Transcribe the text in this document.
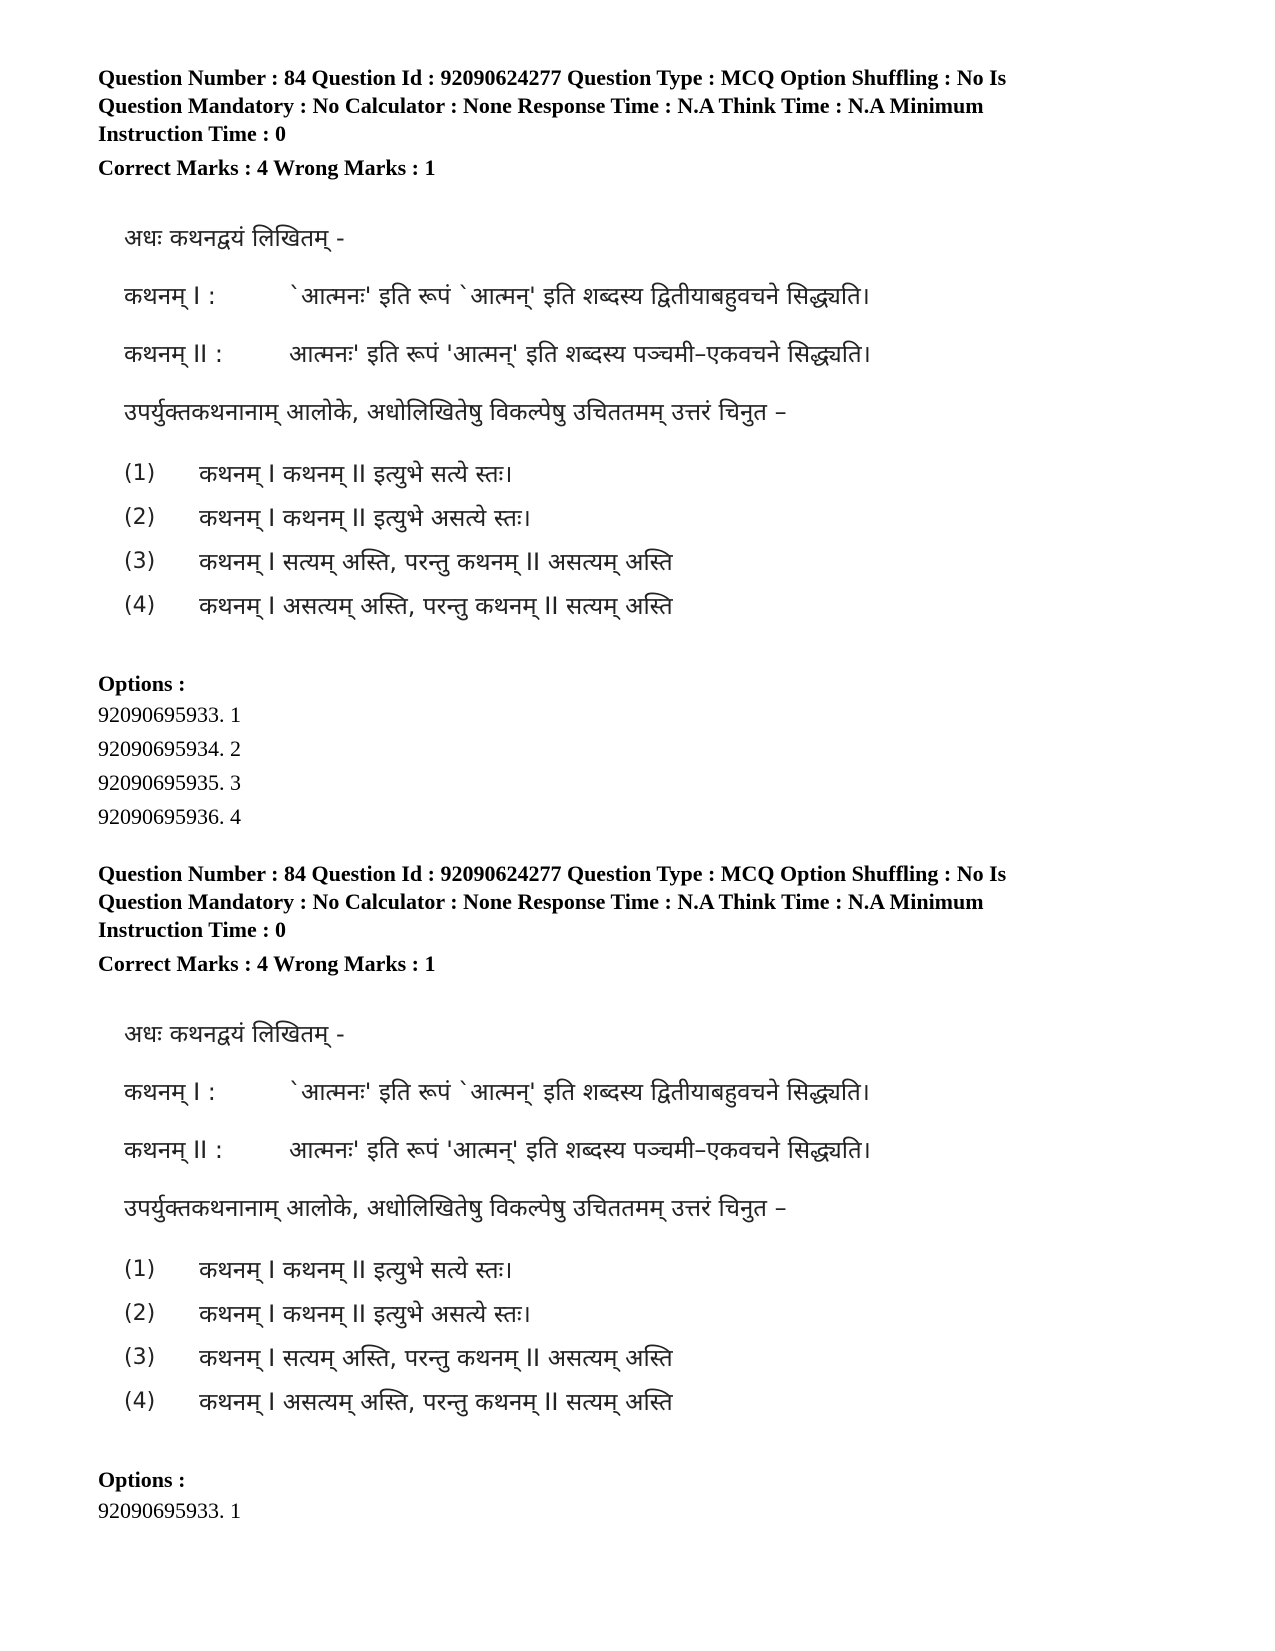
Question Number : 84 Question Id : 92090624277 Question Type : MCQ Option Shuffling : No Is

Question Mandatory : No Calculator : None Response Time : N.A Think Time : N.A Minimum

Instruction Time : 0

Correct Marks : 4 Wrong Marks : 1
अधः कथनद्वयं लिखितम् -
कथनम् I :	`आत्मनः' इति रूपं `आत्मन्' इति शब्दस्य द्वितीयाबहुवचने सिद्ध्यति।
कथनम् II :	आत्मनः' इति रूपं 'आत्मन्' इति शब्दस्य पञ्चमी–एकवचने सिद्ध्यति।
उपर्युक्तकथनानाम् आलोके, अधोलिखितेषु विकल्पेषु उचिततमम् उत्तरं चिनुत –
(1)	कथनम् I कथनम् II इत्युभे सत्ये स्तः।
(2)	कथनम् I कथनम् II इत्युभे असत्ये स्तः।
(3)	कथनम् I सत्यम् अस्ति, परन्तु कथनम् II असत्यम् अस्ति
(4)	कथनम् I असत्यम् अस्ति, परन्तु कथनम् II सत्यम् अस्ति
Options :
92090695933. 1
92090695934. 2
92090695935. 3
92090695936. 4

Question Number : 84 Question Id : 92090624277 Question Type : MCQ Option Shuffling : No Is

Question Mandatory : No Calculator : None Response Time : N.A Think Time : N.A Minimum

Instruction Time : 0

Correct Marks : 4 Wrong Marks : 1
अधः कथनद्वयं लिखितम् -
कथनम् I :	`आत्मनः' इति रूपं `आत्मन्' इति शब्दस्य द्वितीयाबहुवचने सिद्ध्यति।
कथनम् II :	आत्मनः' इति रूपं 'आत्मन्' इति शब्दस्य पञ्चमी–एकवचने सिद्ध्यति।
उपर्युक्तकथनानाम् आलोके, अधोलिखितेषु विकल्पेषु उचिततमम् उत्तरं चिनुत –
(1)	कथनम् I कथनम् II इत्युभे सत्ये स्तः।
(2)	कथनम् I कथनम् II इत्युभे असत्ये स्तः।
(3)	कथनम् I सत्यम् अस्ति, परन्तु कथनम् II असत्यम् अस्ति
(4)	कथनम् I असत्यम् अस्ति, परन्तु कथनम् II सत्यम् अस्ति
Options :
92090695933. 1
